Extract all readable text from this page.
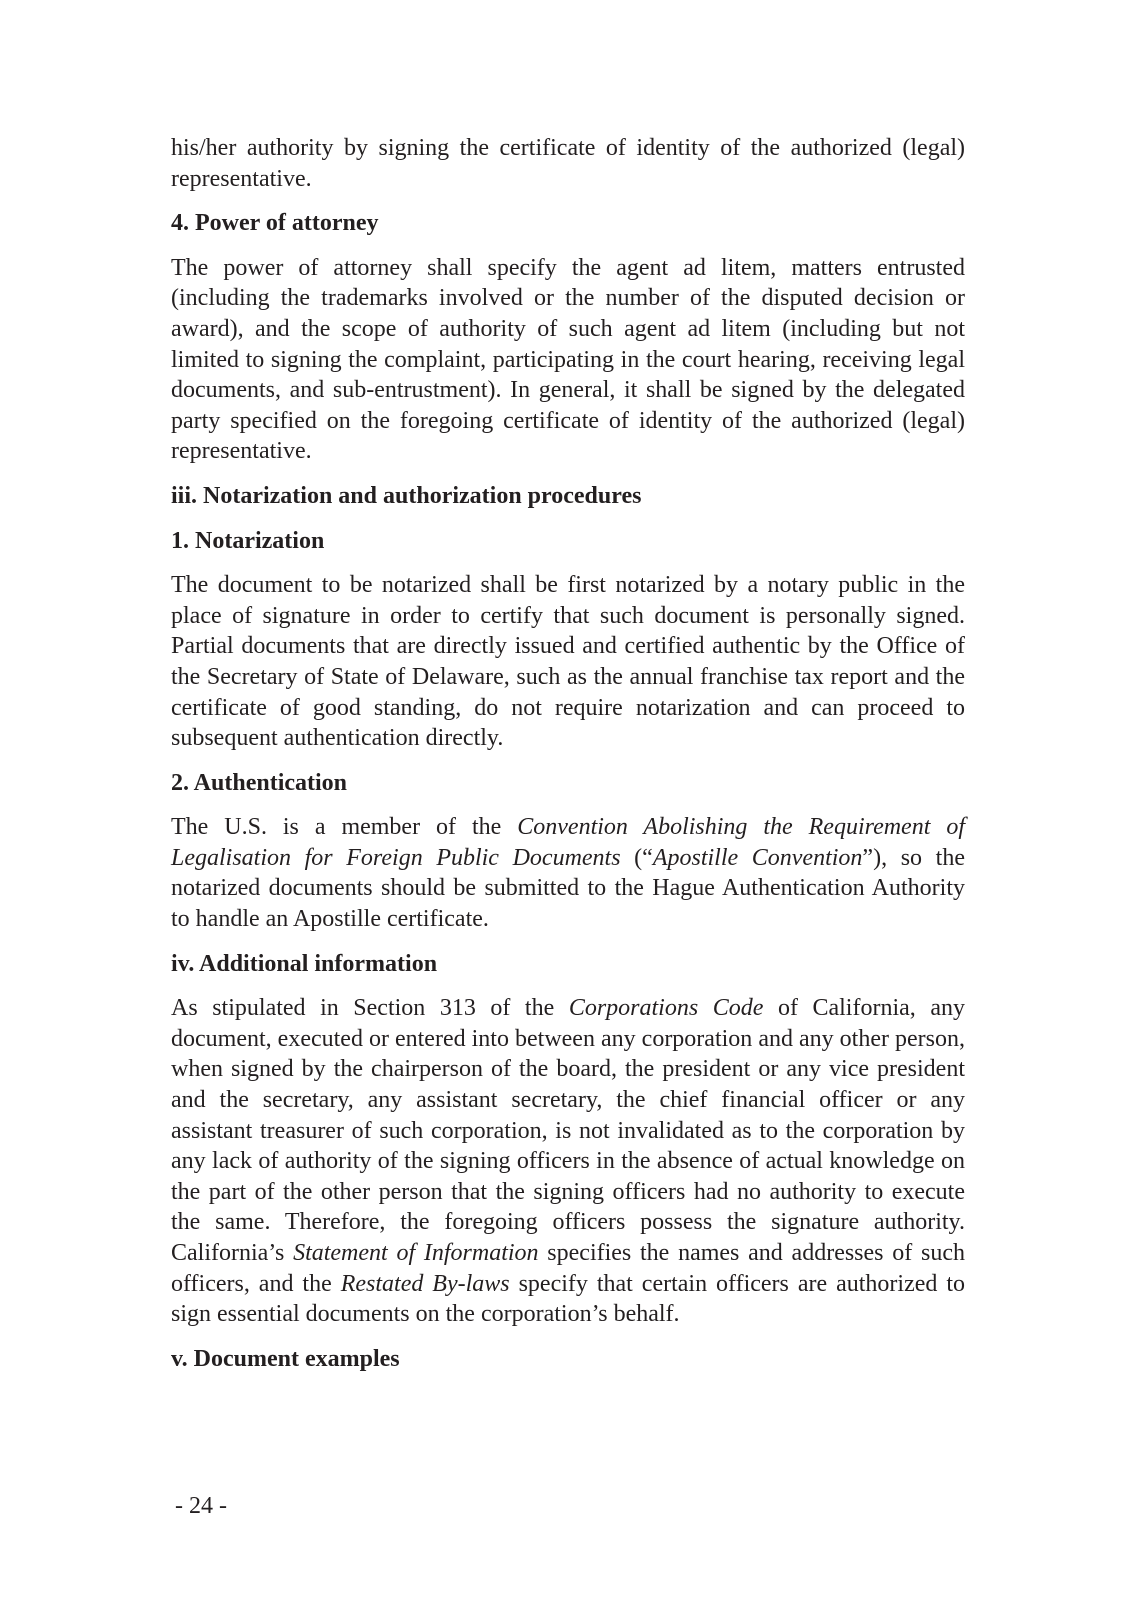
his/her authority by signing the certificate of identity of the authorized (legal) representative.

4. Power of attorney

The power of attorney shall specify the agent ad litem, matters entrusted (including the trademarks involved or the number of the disputed decision or award), and the scope of authority of such agent ad litem (including but not limited to signing the complaint, participating in the court hearing, receiving legal documents, and sub-entrustment). In general, it shall be signed by the delegated party specified on the foregoing certificate of identity of the authorized (legal) representative.

iii. Notarization and authorization procedures
1. Notarization

The document to be notarized shall be first notarized by a notary public in the place of signature in order to certify that such document is personally signed. Partial documents that are directly issued and certified authentic by the Office of the Secretary of State of Delaware, such as the annual franchise tax report and the certificate of good standing, do not require notarization and can proceed to subsequent authentication directly.

2. Authentication

The U.S. is a member of the Convention Abolishing the Requirement of Legalisation for Foreign Public Documents (“Apostille Convention”), so the notarized documents should be submitted to the Hague Authentication Authority to handle an Apostille certificate.

iv. Additional information

As stipulated in Section 313 of the Corporations Code of California, any document, executed or entered into between any corporation and any other person, when signed by the chairperson of the board, the president or any vice president and the secretary, any assistant secretary, the chief financial officer or any assistant treasurer of such corporation, is not invalidated as to the corporation by any lack of authority of the signing officers in the absence of actual knowledge on the part of the other person that the signing officers had no authority to execute the same. Therefore, the foregoing officers possess the signature authority. California’s Statement of Information specifies the names and addresses of such officers, and the Restated By-laws specify that certain officers are authorized to sign essential documents on the corporation’s behalf.

v. Document examples
- 24 -
